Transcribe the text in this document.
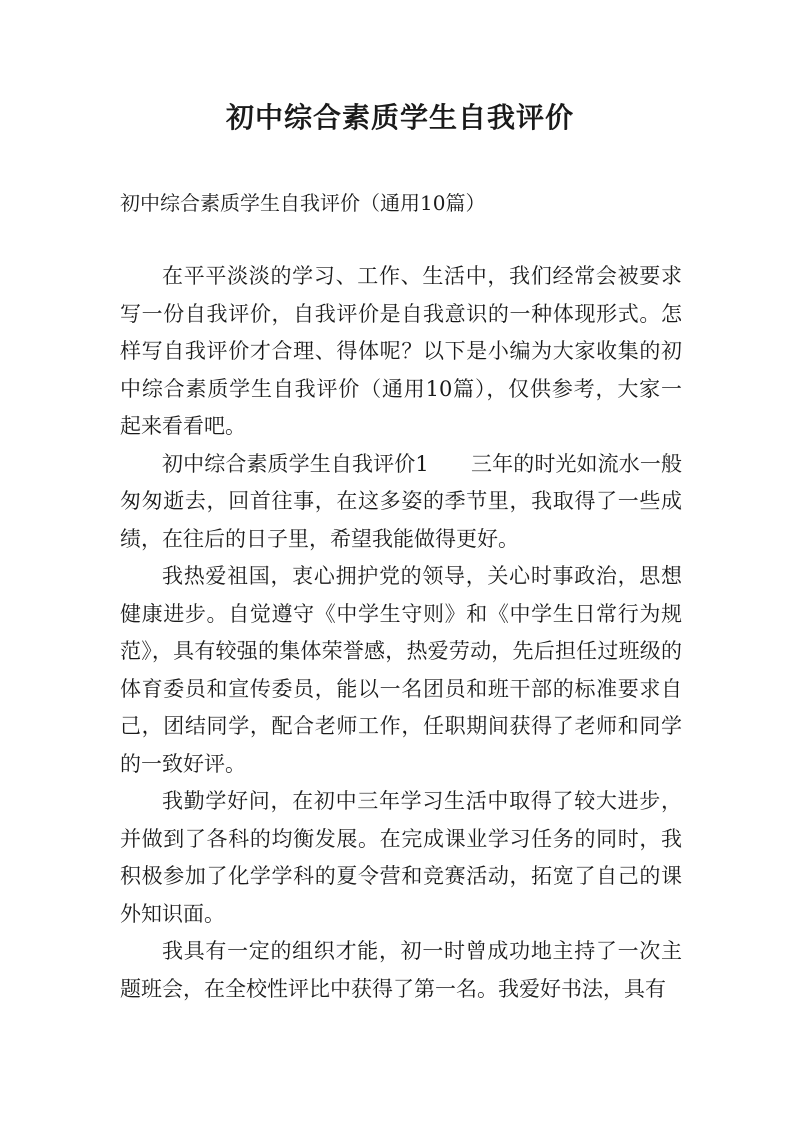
初中综合素质学生自我评价
初中综合素质学生自我评价（通用10篇）

在平平淡淡的学习、工作、生活中，我们经常会被要求写一份自我评价，自我评价是自我意识的一种体现形式。怎样写自我评价才合理、得体呢？以下是小编为大家收集的初中综合素质学生自我评价（通用10篇），仅供参考，大家一起来看看吧。

初中综合素质学生自我评价1　　三年的时光如流水一般匆匆逝去，回首往事，在这多姿的季节里，我取得了一些成绩，在往后的日子里，希望我能做得更好。

我热爱祖国，衷心拥护党的领导，关心时事政治，思想健康进步。自觉遵守《中学生守则》和《中学生日常行为规范》，具有较强的集体荣誉感，热爱劳动，先后担任过班级的体育委员和宣传委员，能以一名团员和班干部的标准要求自己，团结同学，配合老师工作，任职期间获得了老师和同学的一致好评。

我勤学好问，在初中三年学习生活中取得了较大进步，并做到了各科的均衡发展。在完成课业学习任务的同时，我积极参加了化学学科的夏令营和竞赛活动，拓宽了自己的课外知识面。

我具有一定的组织才能，初一时曾成功地主持了一次主题班会，在全校性评比中获得了第一名。我爱好书法，具有
